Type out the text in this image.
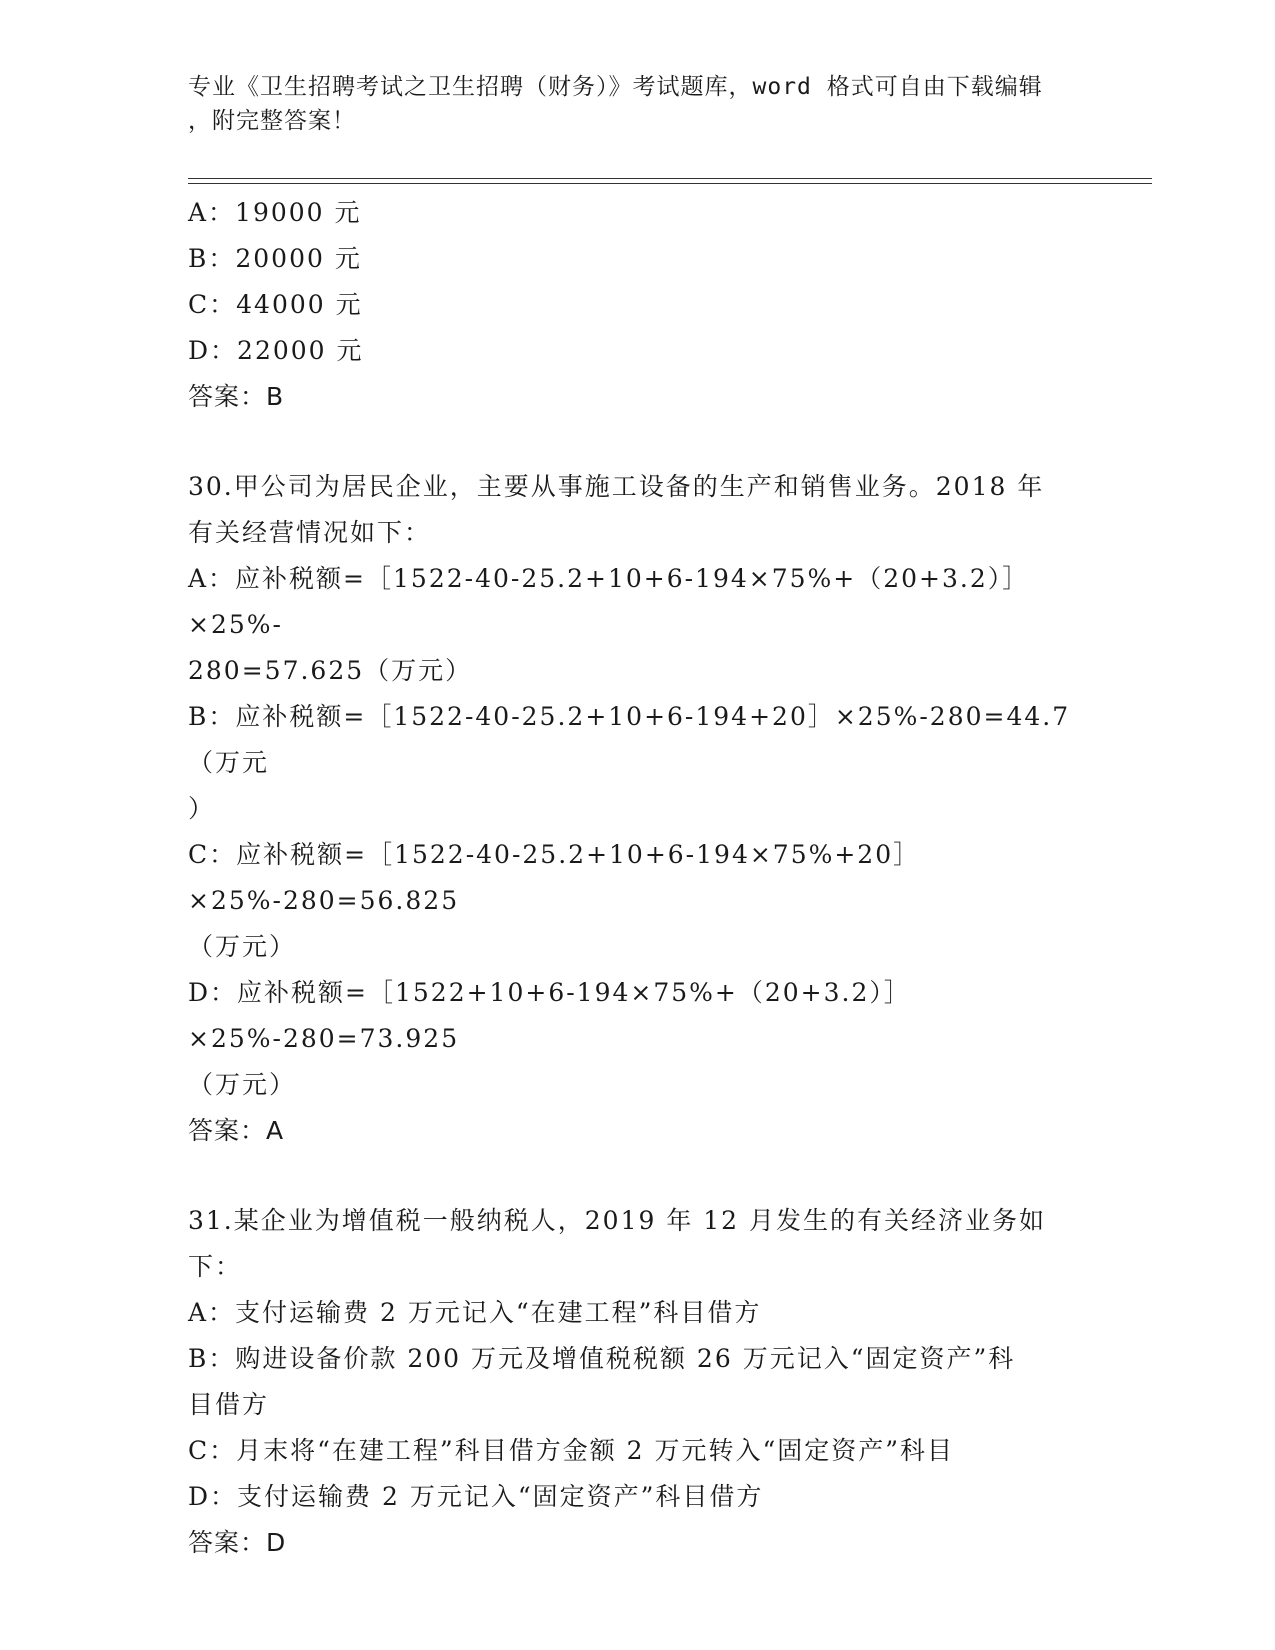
专业《卫生招聘考试之卫生招聘（财务）》考试题库，word 格式可自由下载编辑
，附完整答案！
A：19000 元
B：20000 元
C：44000 元
D：22000 元
答案：B
30.甲公司为居民企业，主要从事施工设备的生产和销售业务。2018 年
有关经营情况如下：
A：应补税额=［1522-40-25.2+10+6-194×75%+（20+3.2）］×25%-
280=57.625（万元）
B：应补税额=［1522-40-25.2+10+6-194+20］×25%-280=44.7（万元
）
C：应补税额=［1522-40-25.2+10+6-194×75%+20］×25%-280=56.825
（万元）
D：应补税额=［1522+10+6-194×75%+（20+3.2）］×25%-280=73.925
（万元）
答案：A
31.某企业为增值税一般纳税人，2019 年 12 月发生的有关经济业务如
下：
A：支付运输费 2 万元记入“在建工程”科目借方
B：购进设备价款 200 万元及增值税税额 26 万元记入“固定资产”科
目借方
C：月末将“在建工程”科目借方金额 2 万元转入“固定资产”科目
D：支付运输费 2 万元记入“固定资产”科目借方
答案：D
